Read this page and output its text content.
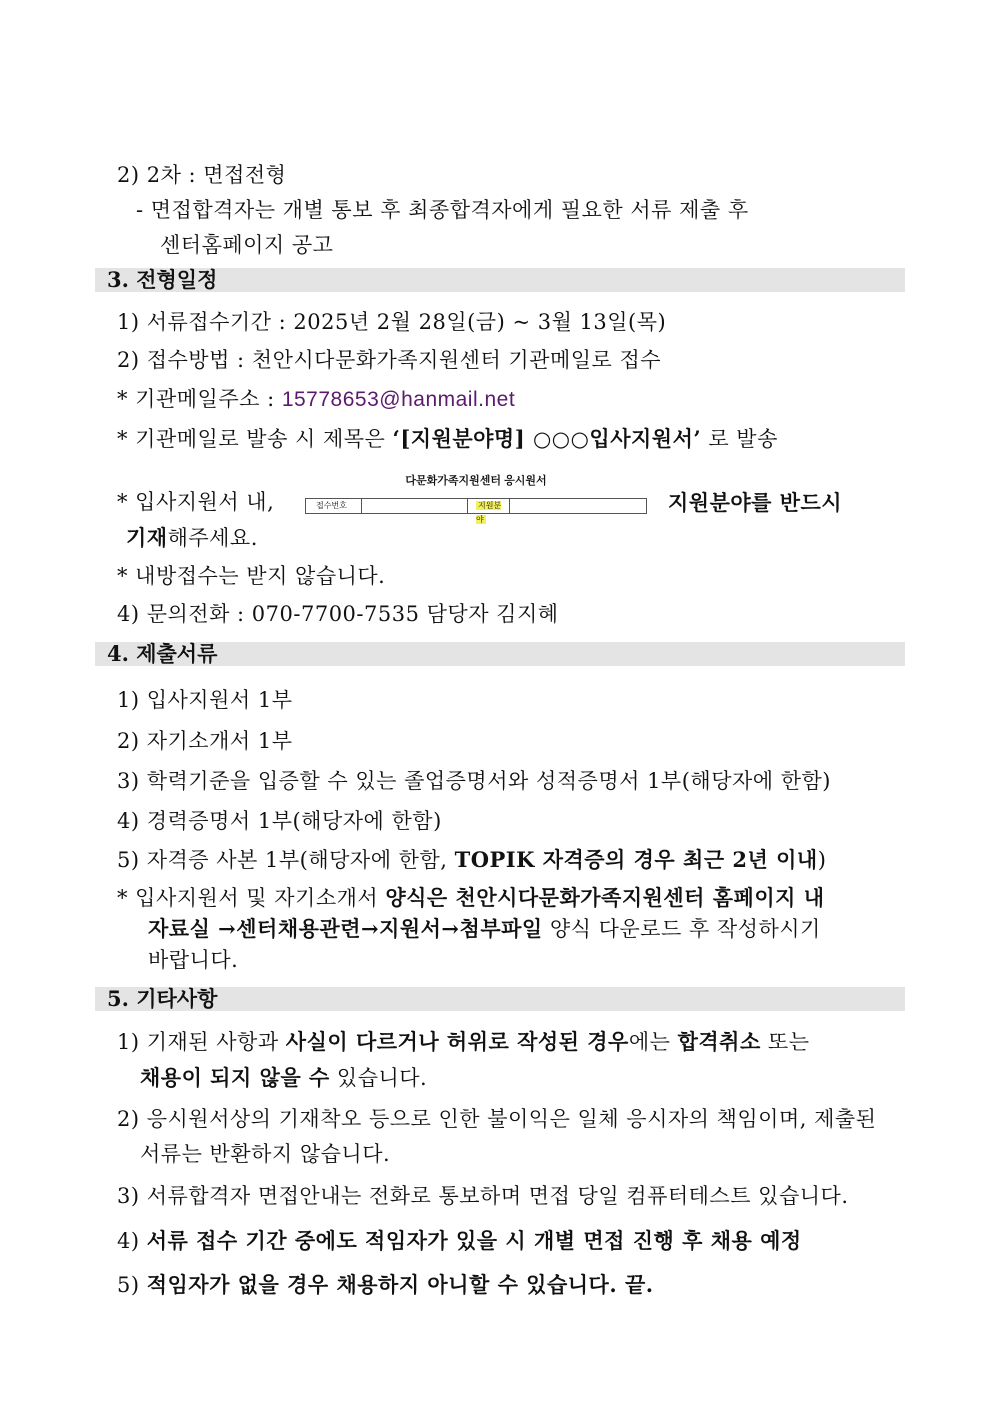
2) 2차 : 면접전형
- 면접합격자는 개별 통보 후 최종합격자에게 필요한 서류 제출 후
센터홈페이지 공고
3. 전형일정
1) 서류접수기간 : 2025년 2월 28일(금) ~ 3월 13일(목)
2) 접수방법 : 천안시다문화가족지원센터 기관메일로 접수
* 기관메일주소 : 15778653@hanmail.net
* 기관메일로 발송 시 제목은 ‘[지원분야명] ○○○입사지원서’ 로 발송
* 입사지원서 내,
다문화가족지원센터 응시원서
접수번호	지원분야
지원분야를 반드시
기재해주세요.
* 내방접수는 받지 않습니다.
4) 문의전화 : 070-7700-7535 담당자 김지혜
4. 제출서류
1) 입사지원서 1부
2) 자기소개서 1부
3) 학력기준을 입증할 수 있는 졸업증명서와 성적증명서 1부(해당자에 한함)
4) 경력증명서 1부(해당자에 한함)
5) 자격증 사본 1부(해당자에 한함, TOPIK 자격증의 경우 최근 2년 이내)
* 입사지원서 및 자기소개서 양식은 천안시다문화가족지원센터 홈페이지 내
자료실 →센터채용관련→지원서→첨부파일 양식 다운로드 후 작성하시기
바랍니다.
5. 기타사항
1) 기재된 사항과 사실이 다르거나 허위로 작성된 경우에는 합격취소 또는
채용이 되지 않을 수 있습니다.
2) 응시원서상의 기재착오 등으로 인한 불이익은 일체 응시자의 책임이며, 제출된
서류는 반환하지 않습니다.
3) 서류합격자 면접안내는 전화로 통보하며 면접 당일 컴퓨터테스트 있습니다.
4) 서류 접수 기간 중에도 적임자가 있을 시 개별 면접 진행 후 채용 예정
5) 적임자가 없을 경우 채용하지 아니할 수 있습니다. 끝.
